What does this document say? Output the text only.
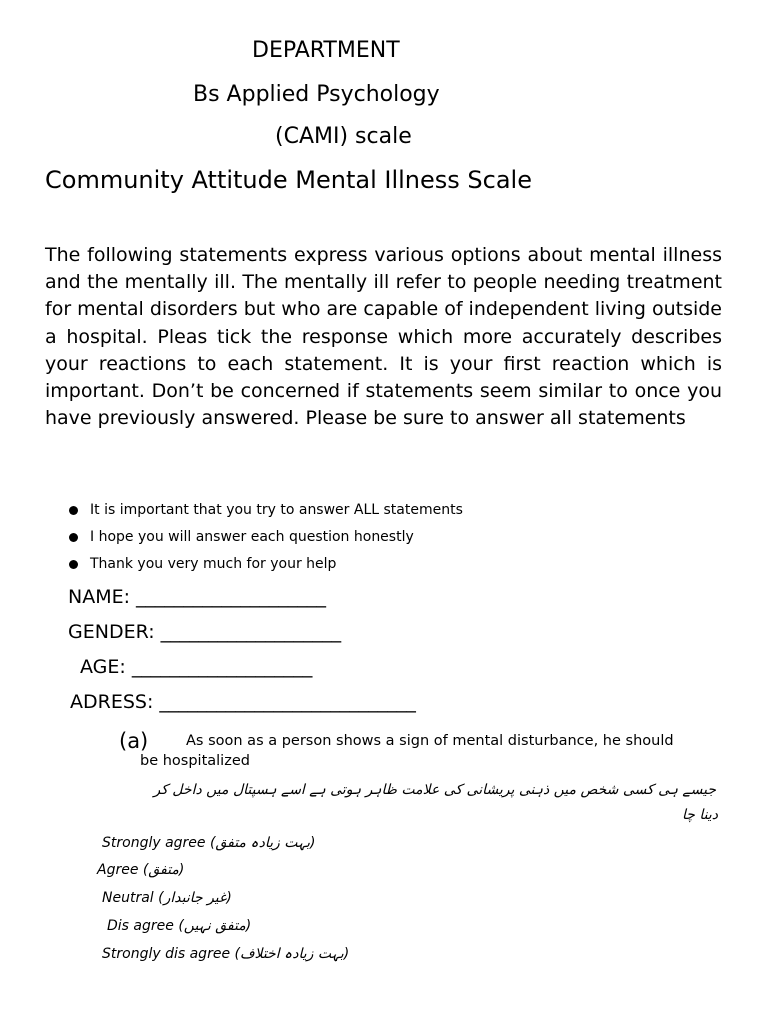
DEPARTMENT
Bs Applied Psychology
(CAMI) scale
Community Attitude Mental Illness Scale

The following statements express various options about mental illness and the mentally ill. The mentally ill refer to people needing treatment for mental disorders but who are capable of independent living outside a hospital. Pleas tick the response which more accurately describes your reactions to each statement. It is your first reaction which is important. Don’t be concerned if statements seem similar to once you have previously answered. Please be sure to answer all statements

It is important that you try to answer ALL statements
I hope you will answer each question honestly
Thank you very much for your help
NAME: ____________________
GENDER: ___________________
AGE: ___________________
ADRESS: ___________________________
(a)	As soon as a person shows a sign of mental disturbance, he should
be hospitalized
جیسے ہی کسی شخص میں ذہنی پریشانی کی علامت ظاہر ہوتی ہے اسے ہسپتال میں داخل کر
دینا چا
Strongly agree (بہت زیادہ متفق)
Agree (متفق)
Neutral (غیر جانبدار)
Dis agree (متفق نہیں)
Strongly dis agree (بہت زیادہ اختلاف)
